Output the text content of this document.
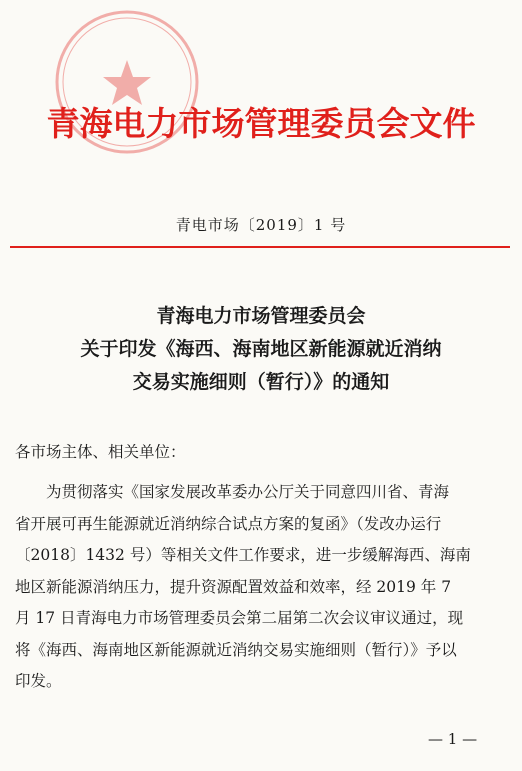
青海电力市场管理委员会文件
青电市场〔2019〕1 号
青海电力市场管理委员会
关于印发《海西、海南地区新能源就近消纳
交易实施细则（暂行）》的通知
各市场主体、相关单位：
为贯彻落实《国家发展改革委办公厅关于同意四川省、青海
省开展可再生能源就近消纳综合试点方案的复函》（发改办运行
〔2018〕1432 号）等相关文件工作要求，进一步缓解海西、海南
地区新能源消纳压力，提升资源配置效益和效率，经 2019 年 7
月 17 日青海电力市场管理委员会第二届第二次会议审议通过，现
将《海西、海南地区新能源就近消纳交易实施细则（暂行）》予以
印发。
— 1 —
